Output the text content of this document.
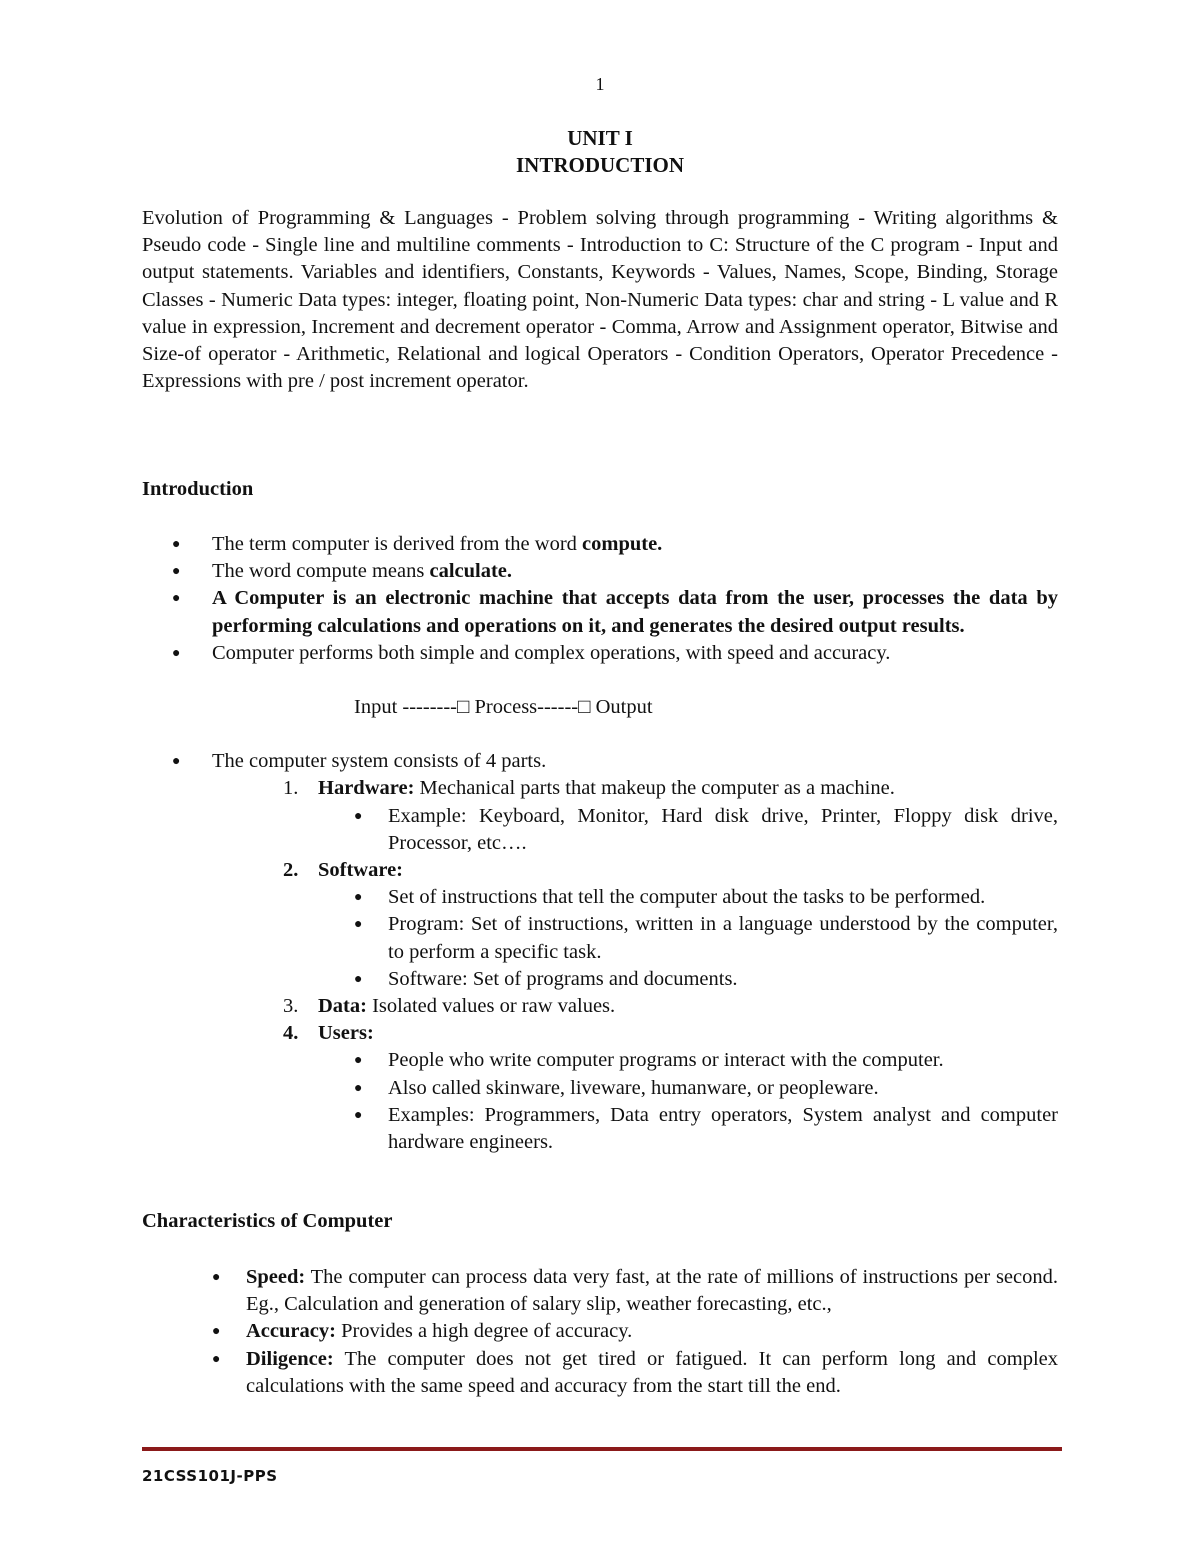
1
UNIT I
INTRODUCTION
Evolution of Programming & Languages - Problem solving through programming - Writing algorithms & Pseudo code - Single line and multiline comments - Introduction to C: Structure of the C program - Input and output statements. Variables and identifiers, Constants, Keywords - Values, Names, Scope, Binding, Storage Classes - Numeric Data types: integer, floating point, Non-Numeric Data types: char and string - L value and R value in expression, Increment and decrement operator - Comma, Arrow and Assignment operator, Bitwise and Size-of operator - Arithmetic, Relational and logical Operators - Condition Operators, Operator Precedence - Expressions with pre / post increment operator.
Introduction
● The term computer is derived from the word compute.
● The word compute means calculate.
● A Computer is an electronic machine that accepts data from the user, processes the data by performing calculations and operations on it, and generates the desired output results.
● Computer performs both simple and complex operations, with speed and accuracy.
Input --------□ Process------□ Output
● The computer system consists of 4 parts.
1. Hardware: Mechanical parts that makeup the computer as a machine.
● Example: Keyboard, Monitor, Hard disk drive, Printer, Floppy disk drive, Processor, etc….
2. Software:
● Set of instructions that tell the computer about the tasks to be performed.
● Program: Set of instructions, written in a language understood by the computer, to perform a specific task.
● Software: Set of programs and documents.
3. Data: Isolated values or raw values.
4. Users:
● People who write computer programs or interact with the computer.
● Also called skinware, liveware, humanware, or peopleware.
● Examples: Programmers, Data entry operators, System analyst and computer hardware engineers.
Characteristics of Computer
● Speed: The computer can process data very fast, at the rate of millions of instructions per second. Eg., Calculation and generation of salary slip, weather forecasting, etc.,
● Accuracy: Provides a high degree of accuracy.
● Diligence: The computer does not get tired or fatigued. It can perform long and complex calculations with the same speed and accuracy from the start till the end.
21CSS101J-PPS
